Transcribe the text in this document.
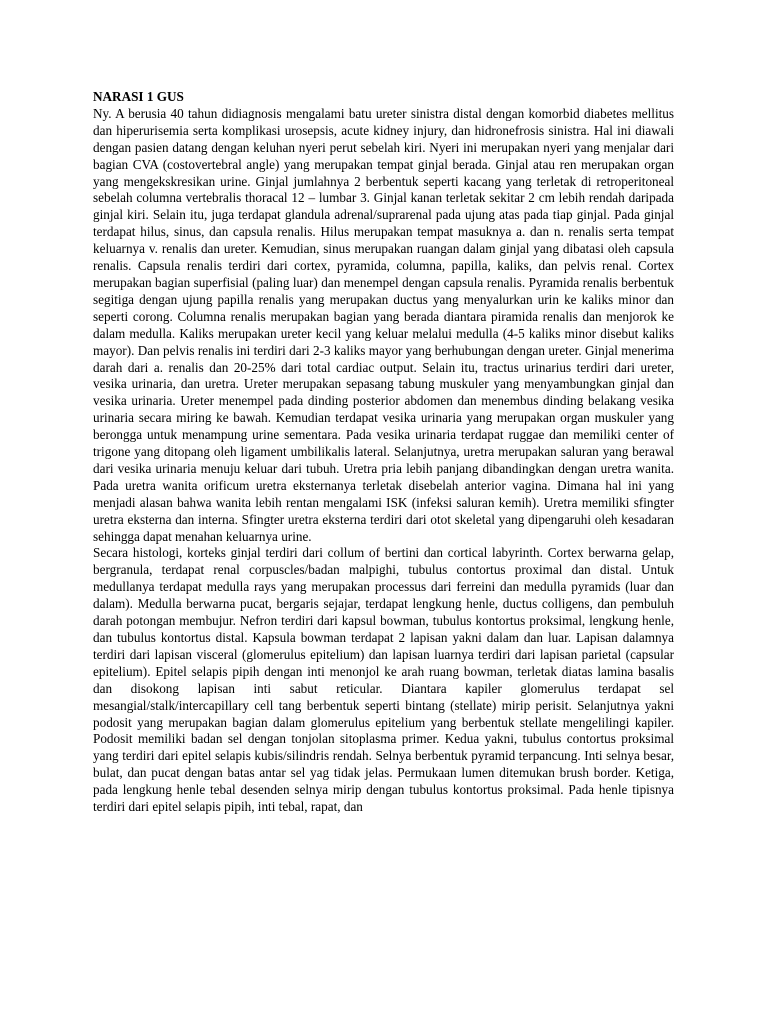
NARASI 1 GUS

Ny. A berusia 40 tahun didiagnosis mengalami batu ureter sinistra distal dengan komorbid diabetes mellitus dan hiperurisemia serta komplikasi urosepsis, acute kidney injury, dan hidronefrosis sinistra. Hal ini diawali dengan pasien datang dengan keluhan nyeri perut sebelah kiri. Nyeri ini merupakan nyeri yang menjalar dari bagian CVA (costovertebral angle) yang merupakan tempat ginjal berada. Ginjal atau ren merupakan organ yang mengekskresikan urine. Ginjal jumlahnya 2 berbentuk seperti kacang yang terletak di retroperitoneal sebelah columna vertebralis thoracal 12 – lumbar 3. Ginjal kanan terletak sekitar 2 cm lebih rendah daripada ginjal kiri. Selain itu, juga terdapat glandula adrenal/suprarenal pada ujung atas pada tiap ginjal. Pada ginjal terdapat hilus, sinus, dan capsula renalis. Hilus merupakan tempat masuknya a. dan n. renalis serta tempat keluarnya v. renalis dan ureter. Kemudian, sinus merupakan ruangan dalam ginjal yang dibatasi oleh capsula renalis. Capsula renalis terdiri dari cortex, pyramida, columna, papilla, kaliks, dan pelvis renal. Cortex merupakan bagian superfisial (paling luar) dan menempel dengan capsula renalis. Pyramida renalis berbentuk segitiga dengan ujung papilla renalis yang merupakan ductus yang menyalurkan urin ke kaliks minor dan seperti corong. Columna renalis merupakan bagian yang berada diantara piramida renalis dan menjorok ke dalam medulla. Kaliks merupakan ureter kecil yang keluar melalui medulla (4-5 kaliks minor disebut kaliks mayor). Dan pelvis renalis ini terdiri dari 2-3 kaliks mayor yang berhubungan dengan ureter. Ginjal menerima darah dari a. renalis dan 20-25% dari total cardiac output. Selain itu, tractus urinarius terdiri dari ureter, vesika urinaria, dan uretra. Ureter merupakan sepasang tabung muskuler yang menyambungkan ginjal dan vesika urinaria. Ureter menempel pada dinding posterior abdomen dan menembus dinding belakang vesika urinaria secara miring ke bawah. Kemudian terdapat vesika urinaria yang merupakan organ muskuler yang berongga untuk menampung urine sementara. Pada vesika urinaria terdapat ruggae dan memiliki center of trigone yang ditopang oleh ligament umbilikalis lateral. Selanjutnya, uretra merupakan saluran yang berawal dari vesika urinaria menuju keluar dari tubuh. Uretra pria lebih panjang dibandingkan dengan uretra wanita. Pada uretra wanita orificum uretra eksternanya terletak disebelah anterior vagina. Dimana hal ini yang menjadi alasan bahwa wanita lebih rentan mengalami ISK (infeksi saluran kemih). Uretra memiliki sfingter uretra eksterna dan interna. Sfingter uretra eksterna terdiri dari otot skeletal yang dipengaruhi oleh kesadaran sehingga dapat menahan keluarnya urine.

Secara histologi, korteks ginjal terdiri dari collum of bertini dan cortical labyrinth. Cortex berwarna gelap, bergranula, terdapat renal corpuscles/badan malpighi, tubulus contortus proximal dan distal. Untuk medullanya terdapat medulla rays yang merupakan processus dari ferreini dan medulla pyramids (luar dan dalam). Medulla berwarna pucat, bergaris sejajar, terdapat lengkung henle, ductus colligens, dan pembuluh darah potongan membujur. Nefron terdiri dari kapsul bowman, tubulus kontortus proksimal, lengkung henle, dan tubulus kontortus distal. Kapsula bowman terdapat 2 lapisan yakni dalam dan luar. Lapisan dalamnya terdiri dari lapisan visceral (glomerulus epitelium) dan lapisan luarnya terdiri dari lapisan parietal (capsular epitelium). Epitel selapis pipih dengan inti menonjol ke arah ruang bowman, terletak diatas lamina basalis dan disokong lapisan inti sabut reticular. Diantara kapiler glomerulus terdapat sel mesangial/stalk/intercapillary cell tang berbentuk seperti bintang (stellate) mirip perisit. Selanjutnya yakni podosit yang merupakan bagian dalam glomerulus epitelium yang berbentuk stellate mengelilingi kapiler. Podosit memiliki badan sel dengan tonjolan sitoplasma primer. Kedua yakni, tubulus contortus proksimal yang terdiri dari epitel selapis kubis/silindris rendah. Selnya berbentuk pyramid terpancung. Inti selnya besar, bulat, dan pucat dengan batas antar sel yag tidak jelas. Permukaan lumen ditemukan brush border. Ketiga, pada lengkung henle tebal desenden selnya mirip dengan tubulus kontortus proksimal. Pada henle tipisnya terdiri dari epitel selapis pipih, inti tebal, rapat, dan
